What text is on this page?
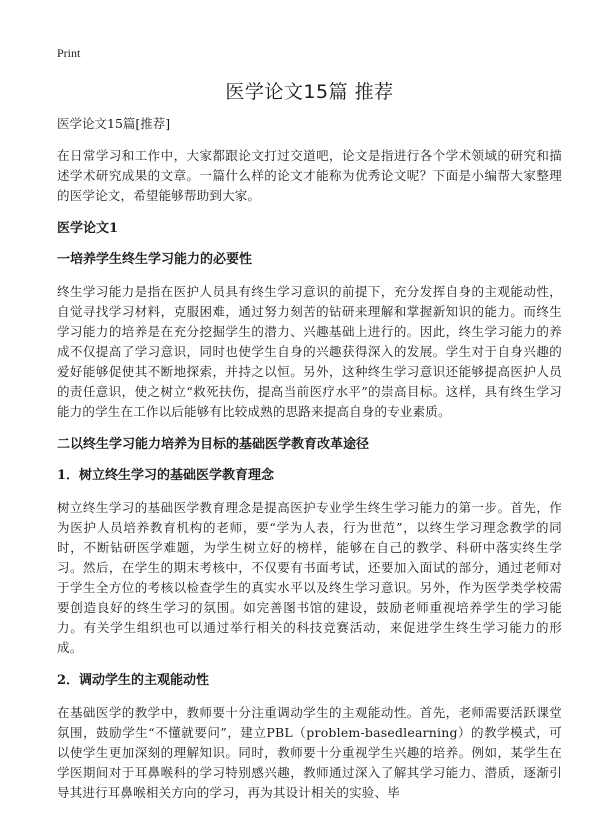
Print
医学论文15篇 推荐
医学论文15篇[推荐]

在日常学习和工作中，大家都跟论文打过交道吧，论文是指进行各个学术领域的研究和描述学术研究成果的文章。一篇什么样的论文才能称为优秀论文呢？下面是小编帮大家整理的医学论文，希望能够帮助到大家。

医学论文1
一培养学生终生学习能力的必要性

终生学习能力是指在医护人员具有终生学习意识的前提下，充分发挥自身的主观能动性，自觉寻找学习材料，克服困难，通过努力刻苦的钻研来理解和掌握新知识的能力。而终生学习能力的培养是在充分挖掘学生的潜力、兴趣基础上进行的。因此，终生学习能力的养成不仅提高了学习意识，同时也使学生自身的兴趣获得深入的发展。学生对于自身兴趣的爱好能够促使其不断地探索，并持之以恒。另外，这种终生学习意识还能够提高医护人员的责任意识，使之树立“救死扶伤，提高当前医疗水平”的崇高目标。这样，具有终生学习能力的学生在工作以后能够有比较成熟的思路来提高自身的专业素质。

二以终生学习能力培养为目标的基础医学教育改革途径
1．树立终生学习的基础医学教育理念

树立终生学习的基础医学教育理念是提高医护专业学生终生学习能力的第一步。首先，作为医护人员培养教育机构的老师，要“学为人表，行为世范”，以终生学习理念教学的同时，不断钻研医学难题，为学生树立好的榜样，能够在自己的教学、科研中落实终生学习。然后，在学生的期末考核中，不仅要有书面考试，还要加入面试的部分，通过老师对于学生全方位的考核以检查学生的真实水平以及终生学习意识。另外，作为医学类学校需要创造良好的终生学习的氛围。如完善图书馆的建设，鼓励老师重视培养学生的学习能力。有关学生组织也可以通过举行相关的科技竞赛活动，来促进学生终生学习能力的形成。

2．调动学生的主观能动性

在基础医学的教学中，教师要十分注重调动学生的主观能动性。首先，老师需要活跃课堂氛围，鼓励学生“不懂就要问”，建立PBL（problem-basedlearning）的教学模式，可以使学生更加深刻的理解知识。同时，教师要十分重视学生兴趣的培养。例如，某学生在学医期间对于耳鼻喉科的学习特别感兴趣，教师通过深入了解其学习能力、潜质，逐渐引导其进行耳鼻喉相关方向的学习，再为其设计相关的实验、毕
